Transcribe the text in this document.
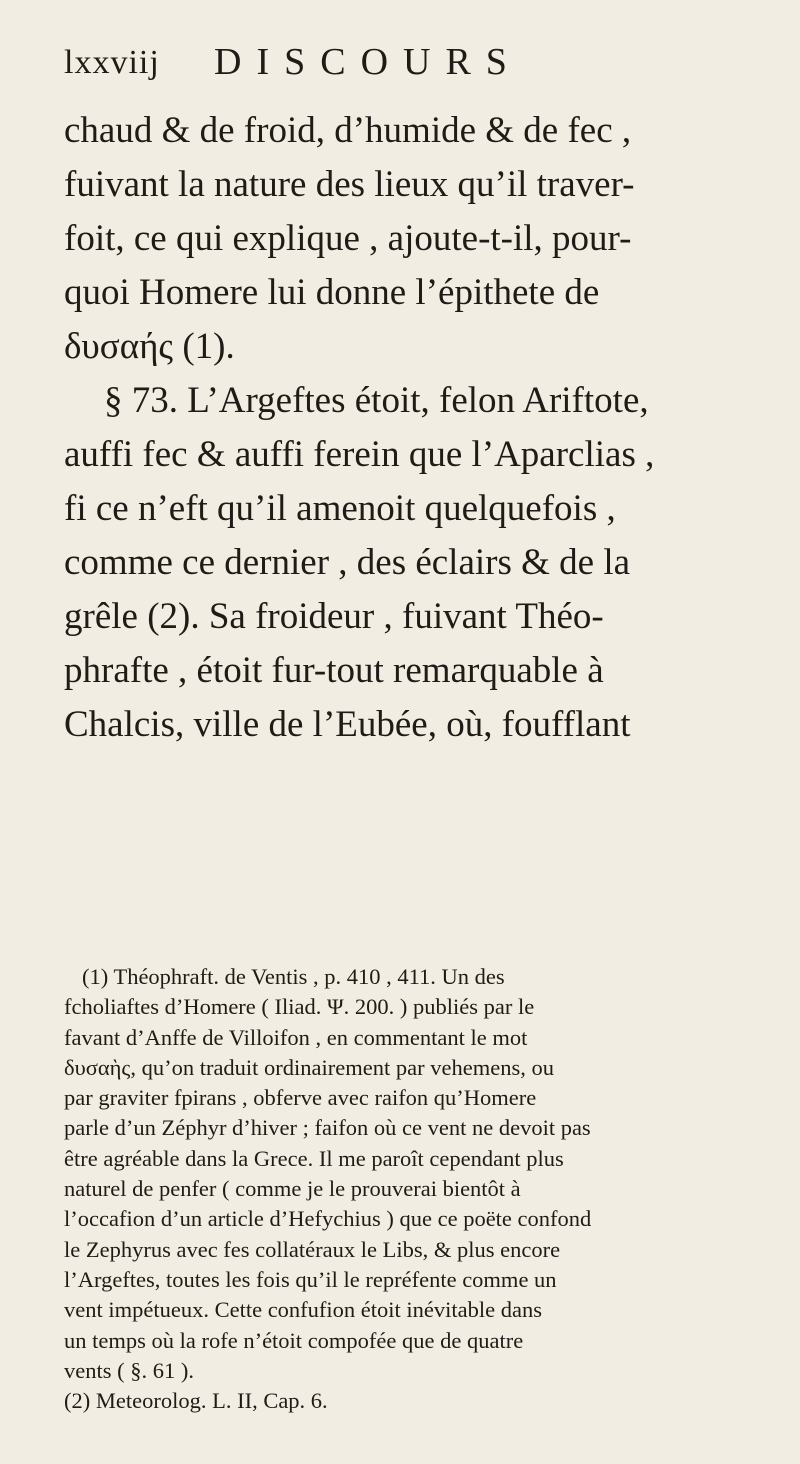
lxxviij DISCOURS
chaud & de froid, d’humide & de fec ,
fuivant la nature des lieux qu’il traver-
foit, ce qui explique , ajoute-t-il, pour-
quoi Homere lui donne l’épithete de
δυσαής (1).
§ 73. L’Argeftes étoit, felon Ariftote,
auffi fec & auffi ferein que l’Aparclias ,
fi ce n’eft qu’il amenoit quelquefois ,
comme ce dernier , des éclairs & de la
grêle (2). Sa froideur , fuivant Théo-
phrafte , étoit fur-tout remarquable à
Chalcis, ville de l’Eubée, où, foufflant
(1) Théophraft. de Ventis , p. 410 , 411. Un des
fcholiaftes d’Homere ( Iliad. Ψ. 200. ) publiés par le
favant d’Anffe de Villoifon , en commentant le mot
δυσαὴς, qu’on traduit ordinairement par vehemens, ou
par graviter fpirans , obferve avec raifon qu’Homere
parle d’un Zéphyr d’hiver ; faifon où ce vent ne devoit pas
être agréable dans la Grece. Il me paroît cependant plus
naturel de penfer ( comme je le prouverai bientôt à
l’occafion d’un article d’Hefychius ) que ce poëte confond
le Zephyrus avec fes collatéraux le Libs, & plus encore
l’Argeftes, toutes les fois qu’il le repréfente comme un
vent impétueux. Cette confufion étoit inévitable dans
un temps où la rofe n’étoit compofée que de quatre
vents ( §. 61 ).
(2) Meteorolog. L. II, Cap. 6.
